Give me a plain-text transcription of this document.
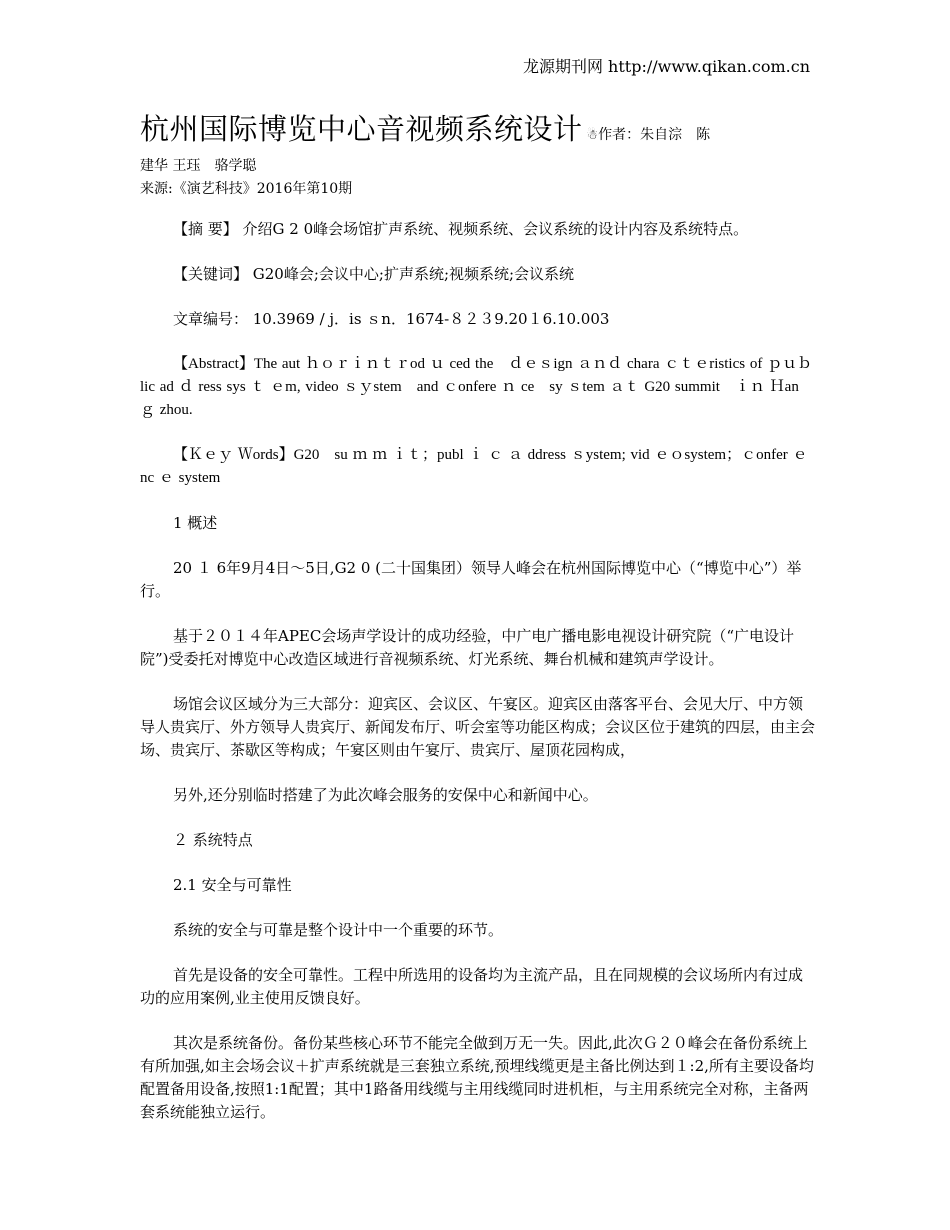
龙源期刊网 http://www.qikan.com.cn
杭州国际博览中心音视频系统设计 ☃作者：朱自淙　陈
建华 王珏　骆学聪
来源:《演艺科技》2016年第10期

【摘 要】 介绍G 2 0峰会场馆扩声系统、视频系统、会议系统的设计内容及系统特点。

【关键词】 G20峰会;会议中心;扩声系统;视频系统;会议系统

文章编号： 10.3969 / j．is ｓn．1674-８２３9.20１6.10.003

【Abstract】The aut ｈｏｒｉｎｔｒod ｕ ced the　ｄｅｓign ａｎｄ chara ｃｔｅristics of ｐｕｂlic ad ｄ ress sys ｔ ｅm, video ｓｙstem　and ｃonfere ｎ ce　sy ｓtem ａｔ G20 summit　ｉｎ Ｈan ｇ zhou.

【Ｋｅｙ Ｗords】G20　su ｍ ｍ ｉｔ；publ ｉ ｃ ａ ddress ｓystem; vid ｅｏsystem；ｃonfer ｅ nc ｅ system

1 概述

20 １ 6年9月4日～5日,G2 0 (二十国集团）领导人峰会在杭州国际博览中心（“博览中心”）举行。

基于２０１４年APEC会场声学设计的成功经验，中广电广播电影电视设计研究院（“广电设计院”)受委托对博览中心改造区域进行音视频系统、灯光系统、舞台机械和建筑声学设计。

场馆会议区域分为三大部分：迎宾区、会议区、午宴区。迎宾区由落客平台、会见大厅、中方领导人贵宾厅、外方领导人贵宾厅、新闻发布厅、听会室等功能区构成；会议区位于建筑的四层，由主会场、贵宾厅、茶歇区等构成；午宴区则由午宴厅、贵宾厅、屋顶花园构成，

另外,还分别临时搭建了为此次峰会服务的安保中心和新闻中心。

２ 系统特点

2.1 安全与可靠性

系统的安全与可靠是整个设计中一个重要的环节。

首先是设备的安全可靠性。工程中所选用的设备均为主流产品，且在同规模的会议场所内有过成功的应用案例,业主使用反馈良好。

其次是系统备份。备份某些核心环节不能完全做到万无一失。因此,此次Ｇ２０峰会在备份系统上有所加强,如主会场会议＋扩声系统就是三套独立系统,预埋线缆更是主备比例达到１:2,所有主要设备均配置备用设备,按照1:1配置；其中1路备用线缆与主用线缆同时进机柜，与主用系统完全对称，主备两套系统能独立运行。
